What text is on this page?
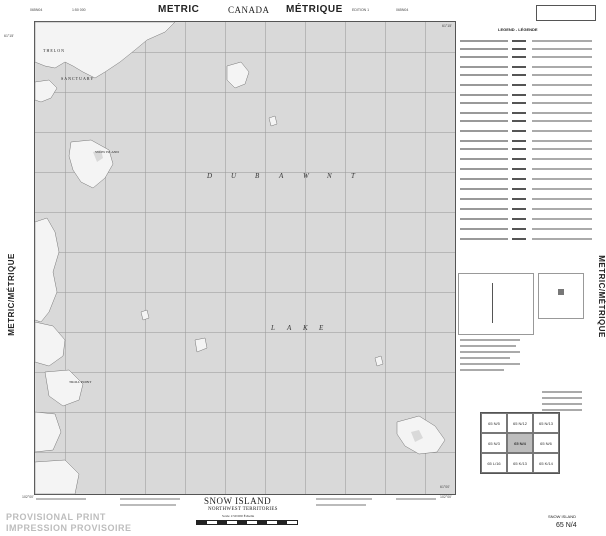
065N04	1:50 000	METRIC	CANADA MÉTRIQUE	EDITION 1	065N04
METRIC/MÉTRIQUE	METRIC/MÉTRIQUE
D	U	B	A	W	N	T
L A K E
THELON
SANCTUARY
SNOW ISLAND
TROLL POINT
61°15'
61°15'
102°00'	102°00'
61°00'
LEGEND - LÉGENDE
65 N/5	65 N/12	65 N/13
65 N/3	65 N/4	65 N/6
65 L/16	65 K/13	65 K/14
SNOW ISLAND
NORTHWEST TERRITORIES
Scale 1:50 000 Échelle
PROVISIONAL PRINT
IMPRESSION PROVISOIRE
SNOW ISLAND
65 N/4
